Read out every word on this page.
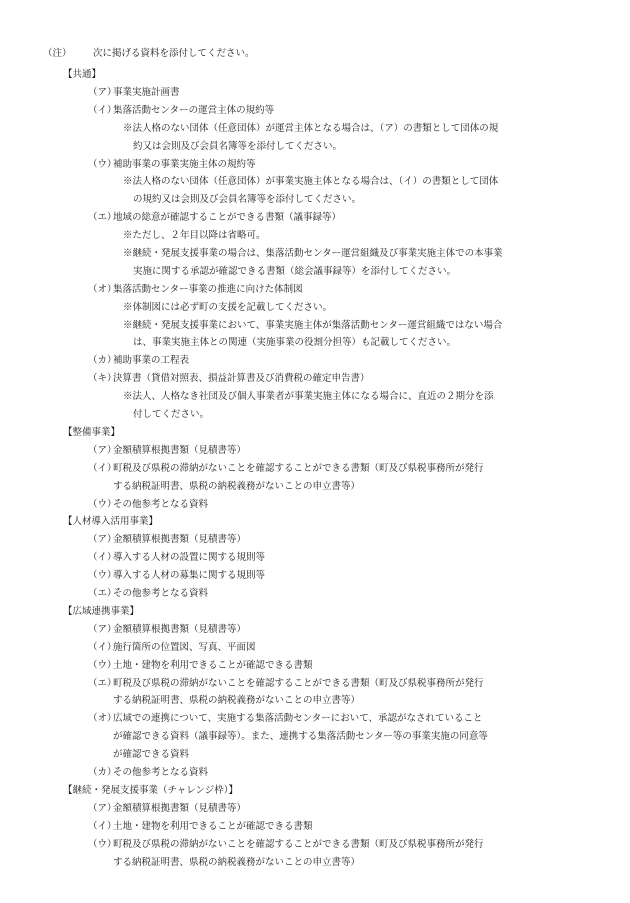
（注） 次に掲げる資料を添付してください。
【共通】
（ア）
事業実施計画書
（イ）
集落活動センターの運営主体の規約等
※法人格のない団体（任意団体）が運営主体となる場合は、（ア）の書類として団体の規
約又は会則及び会員名簿等を添付してください。
（ウ）
補助事業の事業実施主体の規約等
※法人格のない団体（任意団体）が事業実施主体となる場合は、（イ）の書類として団体
の規約又は会則及び会員名簿等を添付してください。
（エ）
地域の総意が確認することができる書類（議事録等）
※ただし、２年目以降は省略可。
※継続・発展支援事業の場合は、集落活動センター運営組織及び事業実施主体での本事業
実施に関する承認が確認できる書類（総会議事録等）を添付してください。
（オ）
集落活動センター事業の推進に向けた体制図
※体制図には必ず町の支援を記載してください。
※継続・発展支援事業において、事業実施主体が集落活動センター運営組織ではない場合
は、事業実施主体との関連（実施事業の役割分担等）も記載してください。
（カ）
補助事業の工程表
（キ）
決算書（貸借対照表、損益計算書及び消費税の確定申告書）
※法人、人格なき社団及び個人事業者が事業実施主体になる場合に、直近の２期分を添
付してください。
【整備事業】
（ア）
金額積算根拠書類（見積書等）
（イ）
町税及び県税の滞納がないことを確認することができる書類（町及び県税事務所が発行
する納税証明書、県税の納税義務がないことの申立書等）
（ウ）
その他参考となる資料
【人材導入活用事業】
（ア）
金額積算根拠書類（見積書等）
（イ）
導入する人材の設置に関する規則等
（ウ）
導入する人材の募集に関する規則等
（エ）
その他参考となる資料
【広域連携事業】
（ア）
金額積算根拠書類（見積書等）
（イ）
施行箇所の位置図、写真、平面図
（ウ）
土地・建物を利用できることが確認できる書類
（エ）
町税及び県税の滞納がないことを確認することができる書類（町及び県税事務所が発行
する納税証明書、県税の納税義務がないことの申立書等）
（オ）
広域での連携について、実施する集落活動センターにおいて、承認がなされていること
が確認できる資料（議事録等）。また、連携する集落活動センター等の事業実施の同意等
が確認できる資料
（カ）
その他参考となる資料
【継続・発展支援事業（チャレンジ枠）】
（ア）
金額積算根拠書類（見積書等）
（イ）
土地・建物を利用できることが確認できる書類
（ウ）
町税及び県税の滞納がないことを確認することができる書類（町及び県税事務所が発行
する納税証明書、県税の納税義務がないことの申立書等）
